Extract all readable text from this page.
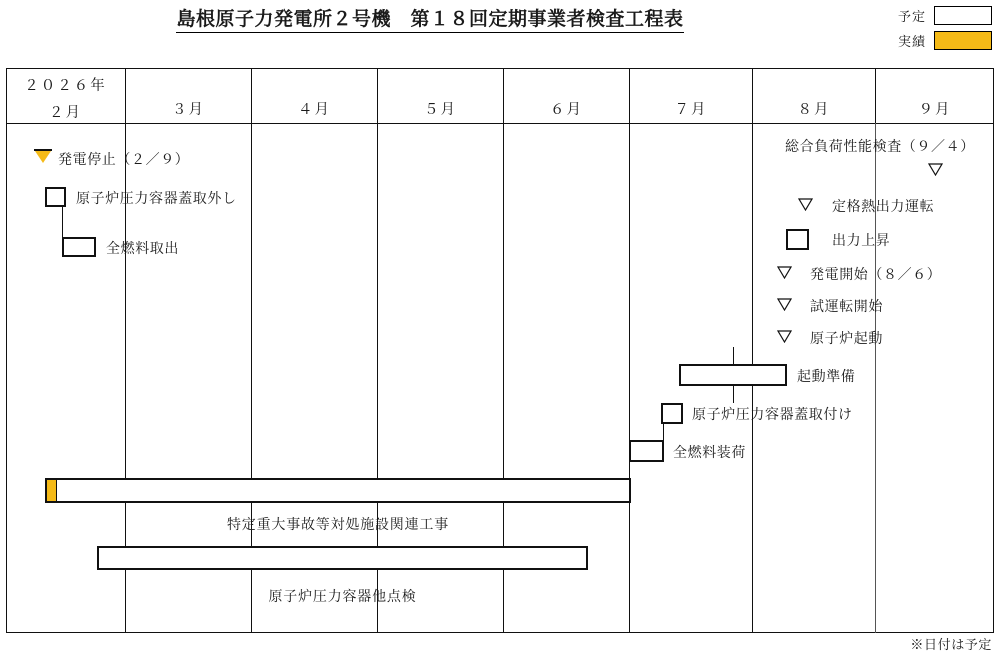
島根原子力発電所２号機　第１８回定期事業者検査工程表	予定
実績
２０２６年
２月	３月	４月	５月	６月	７月	８月	９月
発電停止（２／９）
原子炉圧力容器蓋取外し
全燃料取出
総合負荷性能検査（９／４）
定格熱出力運転
出力上昇
発電開始（８／６）
試運転開始
原子炉起動
起動準備
原子炉圧力容器蓋取付け
全燃料装荷
特定重大事故等対処施設関連工事
原子炉圧力容器他点検
※日付は予定
